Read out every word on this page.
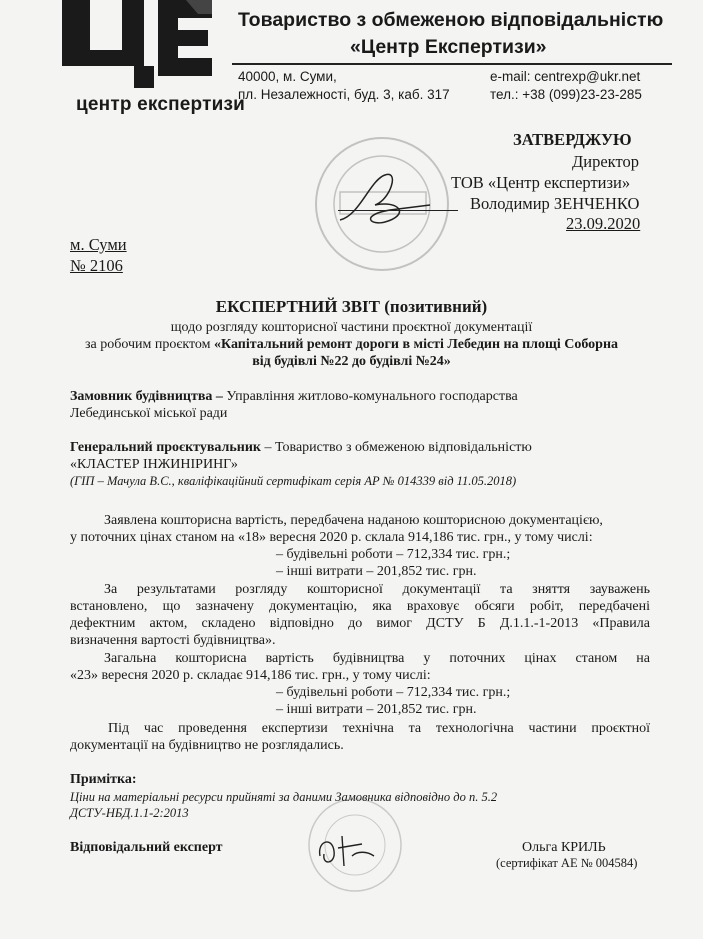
центр експертизи
Товариство з обмеженою відповідальністю
«Центр Експертизи»
40000, м. Суми,
пл. Незалежності, буд. 3, каб. 317
e-mail: centrexp@ukr.net
тел.: +38 (099)23-23-285
ЗАТВЕРДЖУЮ
Директор
ТОВ «Центр експертизи»
Володимир ЗЕНЧЕНКО
23.09.2020
м. Суми
№ 2106
ЕКСПЕРТНИЙ ЗВІТ (позитивний)
щодо розгляду кошторисної частини проєктної документації
за робочим проєктом «Капітальний ремонт дороги в місті Лебедин на площі Соборна
від будівлі №22 до будівлі №24»
Замовник будівництва – Управління житлово-комунального господарства
Лебединської міської ради
Генеральний проєктувальник – Товариство з обмеженою відповідальністю
«КЛАСТЕР ІНЖИНІРИНГ»
(ГІП – Мачула В.С., кваліфікаційний сертифікат серія АР № 014339 від 11.05.2018)
Заявлена кошторисна вартість, передбачена наданою кошторисною документацією,
у поточних цінах станом на «18» вересня 2020 р. склала 914,186 тис. грн., у тому числі:
– будівельні роботи – 712,334 тис. грн.;
– інші витрати – 201,852 тис. грн.
За результатами розгляду кошторисної документації та зняття зауважень
встановлено, що зазначену документацію, яка враховує обсяги робіт, передбачені
дефектним актом, складено відповідно до вимог ДСТУ Б Д.1.1.-1-2013 «Правила
визначення вартості будівництва».
Загальна кошторисна вартість будівництва у поточних цінах станом на
«23» вересня 2020 р. складає 914,186 тис. грн., у тому числі:
– будівельні роботи – 712,334 тис. грн.;
– інші витрати – 201,852 тис. грн.
Під час проведення експертизи технічна та технологічна частини проєктної
документації на будівництво не розглядались.
Примітка:
Ціни на матеріальні ресурси прийняті за даними Замовника відповідно до п. 5.2
ДСТУ-НБД.1.1-2:2013
Відповідальний експерт	Ольга КРИЛЬ
(сертифікат АЕ № 004584)
